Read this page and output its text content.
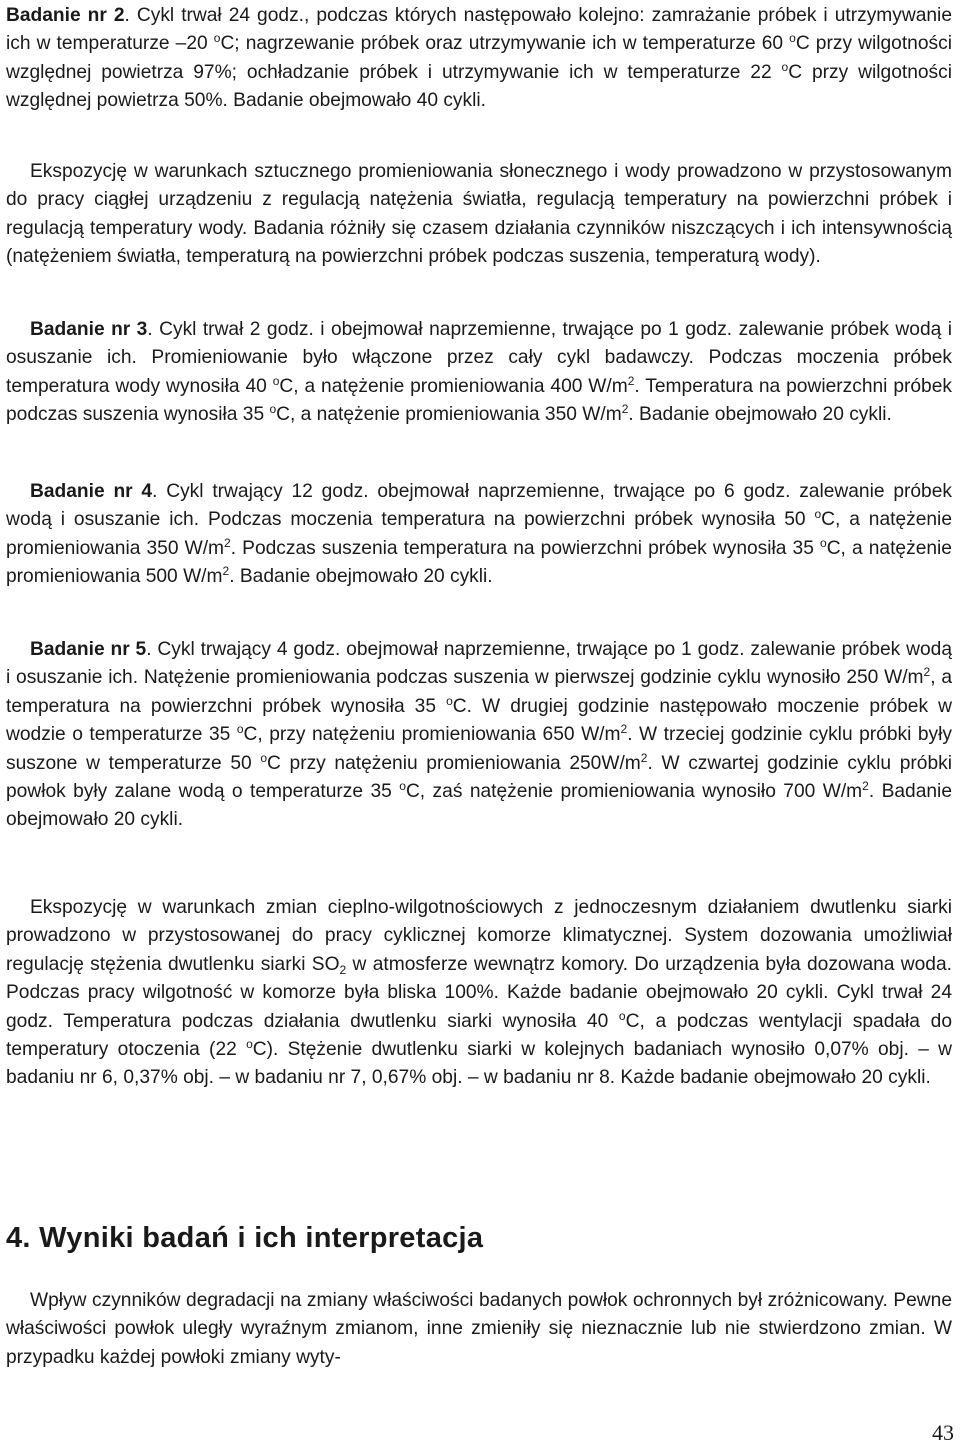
Badanie nr 2. Cykl trwał 24 godz., podczas których następowało kolejno: zamrażanie próbek i utrzymywanie ich w temperaturze –20 $^o$C; nagrzewanie próbek oraz utrzymywanie ich w temperaturze 60 $^o$C przy wilgotności względnej powietrza 97%; ochładzanie próbek i utrzymywanie ich w temperaturze 22 $^o$C przy wilgotności względnej powietrza 50%. Badanie obejmowało 40 cykli.

Ekspozycję w warunkach sztucznego promieniowania słonecznego i wody prowadzono w przystosowanym do pracy ciągłej urządzeniu z regulacją natężenia światła, regulacją temperatury na powierzchni próbek i regulacją temperatury wody. Badania różniły się czasem działania czynników niszczących i ich intensywnością (natężeniem światła, temperaturą na powierzchni próbek podczas suszenia, temperaturą wody).

Badanie nr 3. Cykl trwał 2 godz. i obejmował naprzemienne, trwające po 1 godz. zalewanie próbek wodą i osuszanie ich. Promieniowanie było włączone przez cały cykl badawczy. Podczas moczenia próbek temperatura wody wynosiła 40 $^o$C, a natężenie promieniowania 400 $W/m^2$. Temperatura na powierzchni próbek podczas suszenia wynosiła 35 $^o$C, a natężenie promieniowania 350 $W/m^2$. Badanie obejmowało 20 cykli.

Badanie nr 4. Cykl trwający 12 godz. obejmował naprzemienne, trwające po 6 godz. zalewanie próbek wodą i osuszanie ich. Podczas moczenia temperatura na powierzchni próbek wynosiła 50 $^o$C, a natężenie promieniowania 350 $W/m^2$. Podczas suszenia temperatura na powierzchni próbek wynosiła 35 $^o$C, a natężenie promieniowania 500 $W/m^2$. Badanie obejmowało 20 cykli.

Badanie nr 5. Cykl trwający 4 godz. obejmował naprzemienne, trwające po 1 godz. zalewanie próbek wodą i osuszanie ich. Natężenie promieniowania podczas suszenia w pierwszej godzinie cyklu wynosiło 250 $W/m^2$, a temperatura na powierzchni próbek wynosiła 35 $^o$C. W drugiej godzinie następowało moczenie próbek w wodzie o temperaturze 35 $^o$C, przy natężeniu promieniowania 650 $W/m^2$. W trzeciej godzinie cyklu próbki były suszone w temperaturze 50 $^o$C przy natężeniu promieniowania $250W/m^2$. W czwartej godzinie cyklu próbki powłok były zalane wodą o temperaturze 35 $^o$C, zaś natężenie promieniowania wynosiło 700 $W/m^2$. Badanie obejmowało 20 cykli.

Ekspozycję w warunkach zmian cieplno-wilgotnościowych z jednoczesnym działaniem dwutlenku siarki prowadzono w przystosowanej do pracy cyklicznej komorze klimatycznej. System dozowania umożliwiał regulację stężenia dwutlenku siarki $SO_2$ w atmosferze wewnątrz komory. Do urządzenia była dozowana woda. Podczas pracy wilgotność w komorze była bliska 100%. Każde badanie obejmowało 20 cykli. Cykl trwał 24 godz. Temperatura podczas działania dwutlenku siarki wynosiła 40 $^o$C, a podczas wentylacji spadała do temperatury otoczenia (22 $^o$C). Stężenie dwutlenku siarki w kolejnych badaniach wynosiło 0,07% obj. – w badaniu nr 6, 0,37% obj. – w badaniu nr 7, 0,67% obj. – w badaniu nr 8. Każde badanie obejmowało 20 cykli.

4. Wyniki badań i ich interpretacja

Wpływ czynników degradacji na zmiany właściwości badanych powłok ochronnych był zróżnicowany. Pewne właściwości powłok uległy wyraźnym zmianom, inne zmieniły się nieznacznie lub nie stwierdzono zmian. W przypadku każdej powłoki zmiany wyty-

43
